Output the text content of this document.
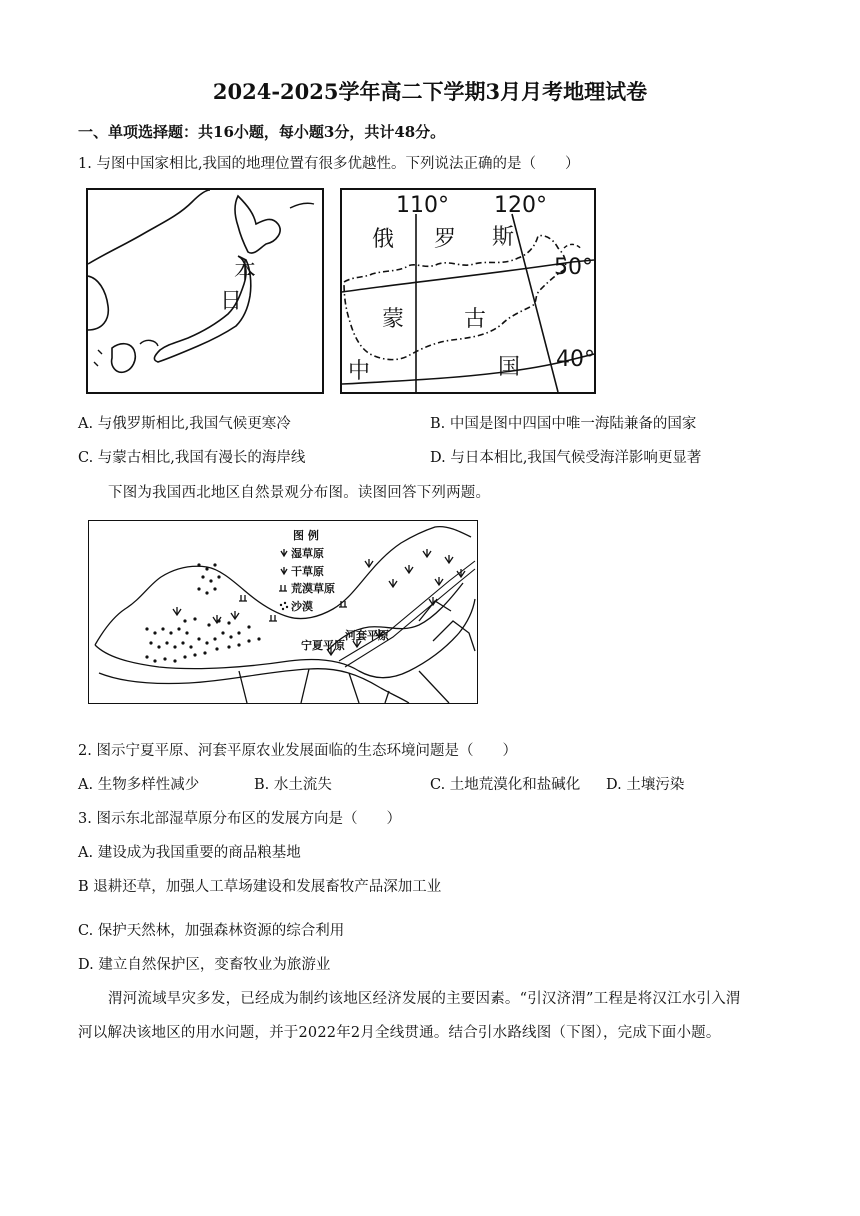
2024-2025学年高二下学期3月月考地理试卷
一、单项选择题：共16小题，每小题3分，共计48分。
1. 与图中国家相比,我国的地理位置有很多优越性。下列说法正确的是（　　）
日
本
110° 120°
50°
40°
俄 罗 斯
蒙	古
中	国
A. 与俄罗斯相比,我国气候更寒冷	B. 中国是图中四国中唯一海陆兼备的国家
C. 与蒙古相比,我国有漫长的海岸线	D. 与日本相比,我国气候受海洋影响更显著
下图为我国西北地区自然景观分布图。读图回答下列两题。
图 例
湿草原
干草原
荒漠草原
沙漠
河套平原
宁夏平原
2. 图示宁夏平原、河套平原农业发展面临的生态环境问题是（　　）
A. 生物多样性减少	B. 水土流失	C. 土地荒漠化和盐碱化 D. 土壤污染
3. 图示东北部湿草原分布区的发展方向是（　　）
A. 建设成为我国重要的商品粮基地
B 退耕还草，加强人工草场建设和发展畜牧产品深加工业
C. 保护天然林，加强森林资源的综合利用
D. 建立自然保护区，变畜牧业为旅游业
渭河流域旱灾多发，已经成为制约该地区经济发展的主要因素。“引汉济渭”工程是将汉江水引入渭
河以解决该地区的用水问题，并于2022年2月全线贯通。结合引水路线图（下图），完成下面小题。
